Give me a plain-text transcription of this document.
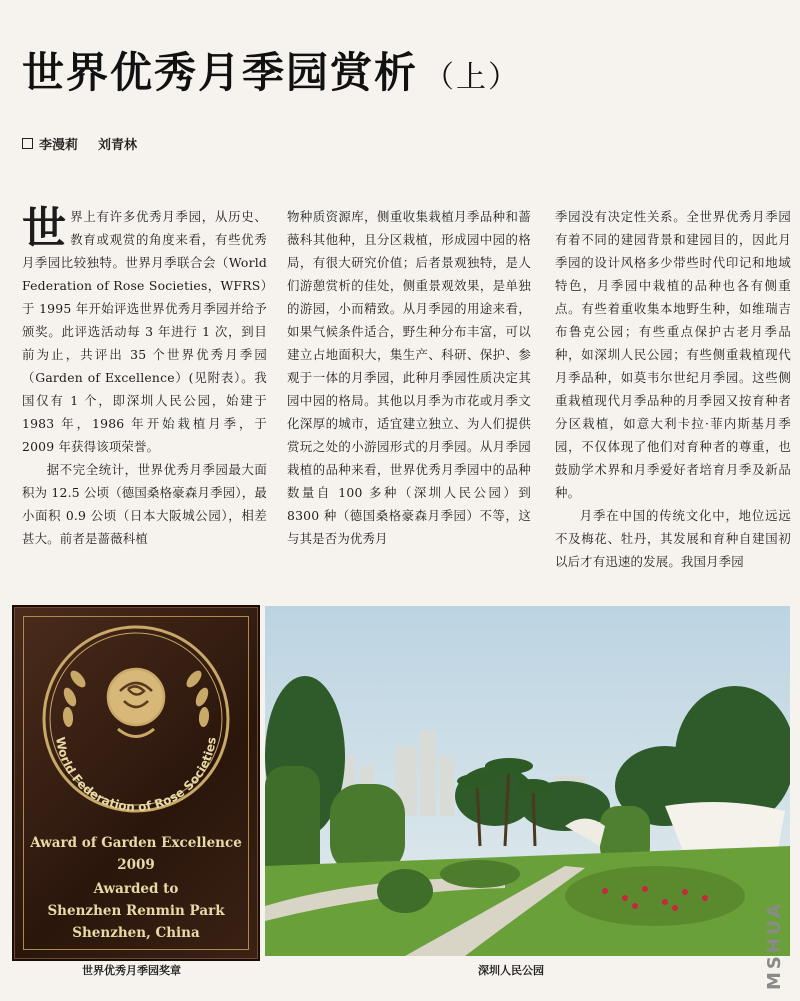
世界优秀月季园赏析 （上）
李漫莉 刘青林

世界上有许多优秀月季园，从历史、教育或观赏的角度来看，有些优秀月季园比较独特。世界月季联合会（World Federation of Rose Societies，WFRS）于 1995 年开始评选世界优秀月季园并给予颁奖。此评选活动每 3 年进行 1 次，到目前为止，共评出 35 个世界优秀月季园（Garden of Excellence）(见附表）。我国仅有 1 个，即深圳人民公园，始建于 1983 年，1986 年开始栽植月季，于 2009 年获得该项荣誉。

据不完全统计，世界优秀月季园最大面积为 12.5 公顷（德国桑格豪森月季园），最小面积 0.9 公顷（日本大阪城公园），相差甚大。前者是蔷薇科植

物种质资源库，侧重收集栽植月季品种和蔷薇科其他种，且分区栽植，形成园中园的格局，有很大研究价值；后者景观独特，是人们游憩赏析的佳处，侧重景观效果，是单独的游园，小而精致。从月季园的用途来看，如果气候条件适合，野生种分布丰富，可以建立占地面积大，集生产、科研、保护、参观于一体的月季园，此种月季园性质决定其园中园的格局。其他以月季为市花或月季文化深厚的城市，适宜建立独立、为人们提供赏玩之处的小游园形式的月季园。从月季园栽植的品种来看，世界优秀月季园中的品种数量自 100 多种（深圳人民公园）到 8300 种（德国桑格豪森月季园）不等，这与其是否为优秀月

季园没有决定性关系。全世界优秀月季园有着不同的建园背景和建园目的，因此月季园的设计风格多少带些时代印记和地域特色，月季园中栽植的品种也各有侧重点。有些着重收集本地野生种，如维瑞吉布鲁克公园；有些重点保护古老月季品种，如深圳人民公园；有些侧重栽植现代月季品种，如莫韦尔世纪月季园。这些侧重栽植现代月季品种的月季园又按育种者分区栽植，如意大利卡拉·菲内斯基月季园，不仅体现了他们对育种者的尊重，也鼓励学术界和月季爱好者培育月季及新品种。

月季在中国的传统文化中，地位远远不及梅花、牡丹，其发展和育种自建国初以后才有迅速的发展。我国月季园

World Federation of Rose Societies
Award of Garden Excellence
2009
Awarded to
Shenzhen Renmin Park
Shenzhen, China
世界优秀月季园奖章	深圳人民公园	MSHUA
